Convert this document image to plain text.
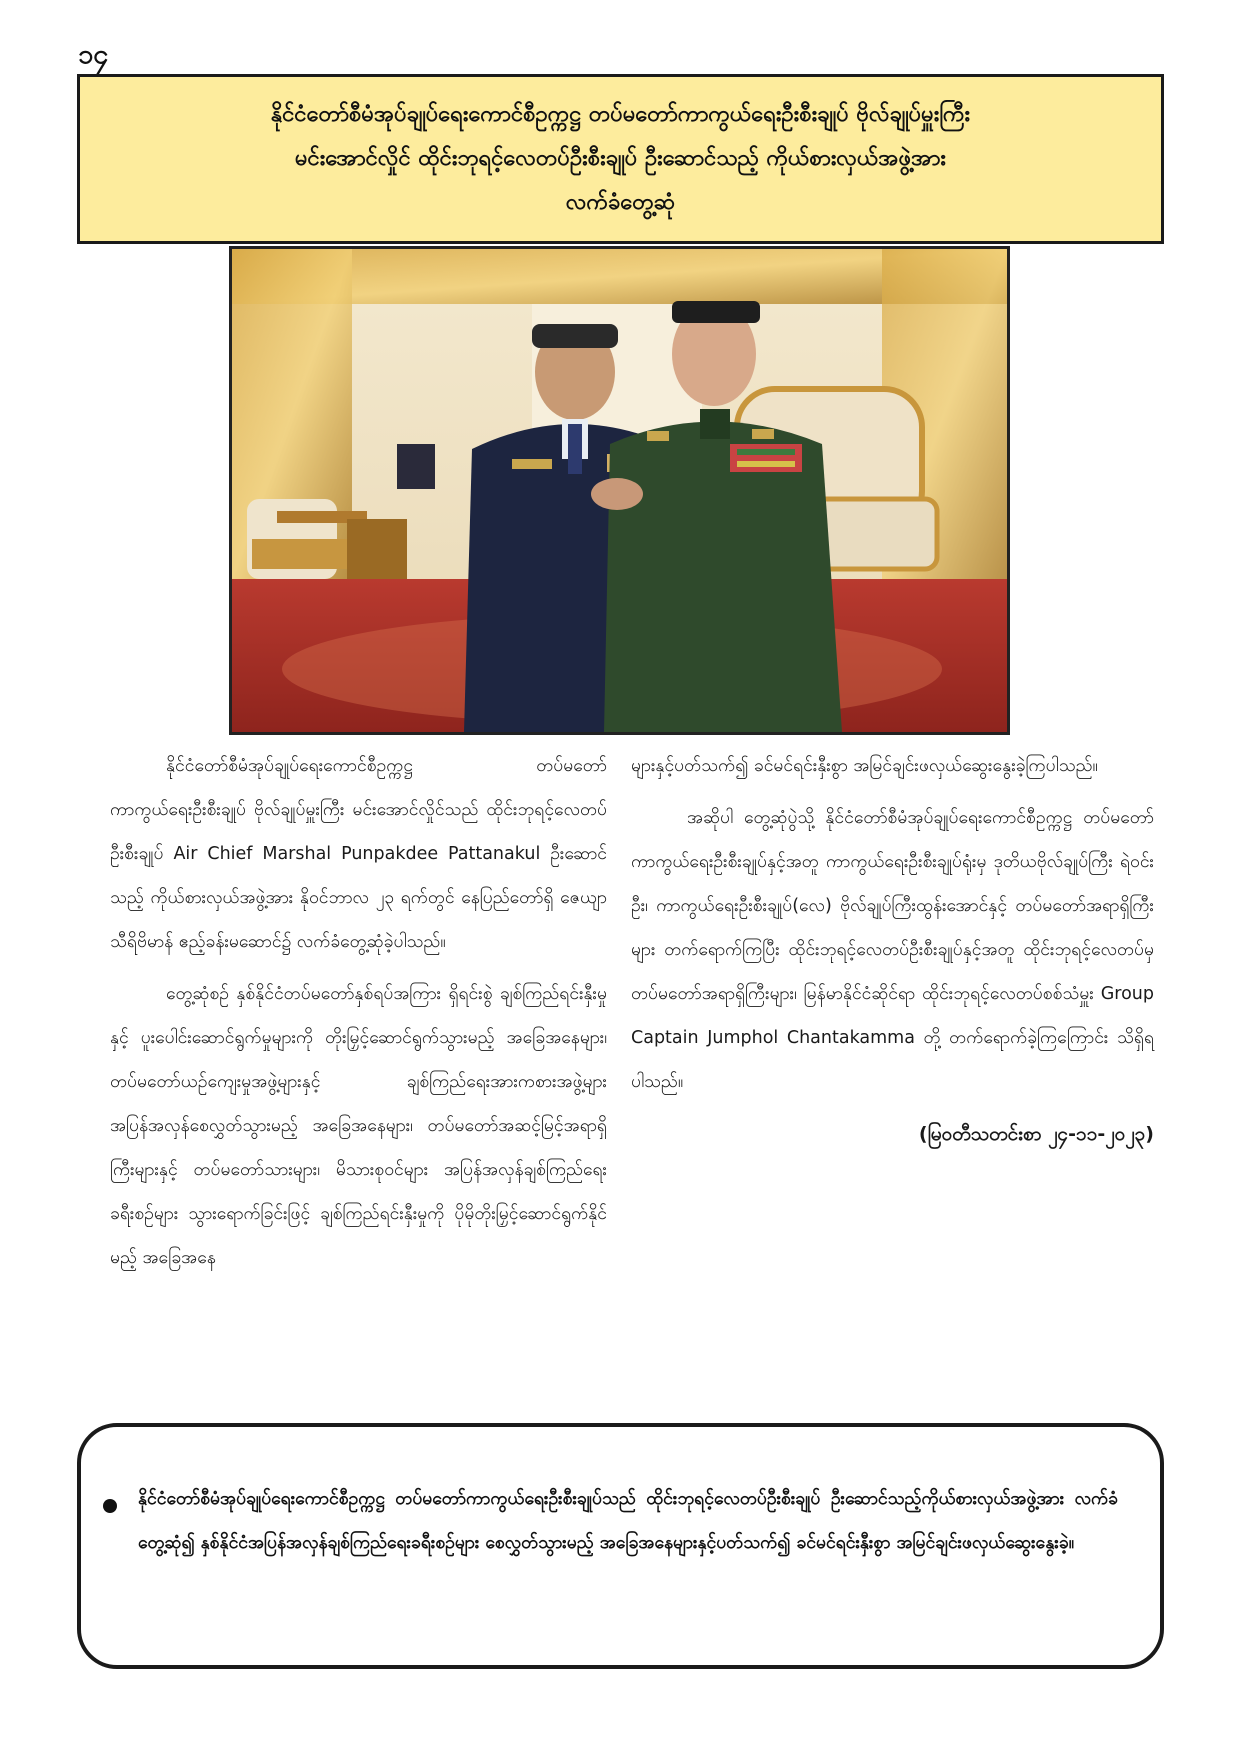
၁၄
နိုင်ငံတော်စီမံအုပ်ချုပ်ရေးကောင်စီဥက္ကဋ္ဌ တပ်မတော်ကာကွယ်ရေးဦးစီးချုပ် ဗိုလ်ချုပ်မှူးကြီး
မင်းအောင်လှိုင် ထိုင်းဘုရင့်လေတပ်ဦးစီးချုပ် ဦးဆောင်သည့် ကိုယ်စားလှယ်အဖွဲ့အား
လက်ခံတွေ့ဆုံ

နိုင်ငံတော်စီမံအုပ်ချုပ်ရေးကောင်စီဥက္ကဋ္ဌ တပ်မတော်ကာကွယ်ရေးဦးစီးချုပ် ဗိုလ်ချုပ်မှူးကြီး မင်းအောင်လှိုင်သည် ထိုင်းဘုရင့်လေတပ်ဦးစီးချုပ် Air Chief Marshal Punpakdee Pattanakul ဦးဆောင်သည့် ကိုယ်စားလှယ်အဖွဲ့အား နိုဝင်ဘာလ ၂၃ ရက်တွင် နေပြည်တော်ရှိ ဇေယျာသီရိဗိမာန် ဧည့်ခန်းမဆောင်၌ လက်ခံတွေ့ဆုံခဲ့ပါသည်။

တွေ့ဆုံစဉ် နှစ်နိုင်ငံတပ်မတော်နှစ်ရပ်အကြား ရှိရင်းစွဲ ချစ်ကြည်ရင်းနှီးမှုနှင့် ပူးပေါင်းဆောင်ရွက်မှုများကို တိုးမြှင့်ဆောင်ရွက်သွားမည့် အခြေအနေများ၊ တပ်မတော်ယဉ်ကျေးမှုအဖွဲ့များနှင့် ချစ်ကြည်ရေးအားကစားအဖွဲ့များ အပြန်အလှန်စေလွှတ်သွားမည့် အခြေအနေများ၊ တပ်မတော်အဆင့်မြင့်အရာရှိကြီးများနှင့် တပ်မတော်သားများ၊ မိသားစုဝင်များ အပြန်အလှန်ချစ်ကြည်ရေးခရီးစဉ်များ သွားရောက်ခြင်းဖြင့် ချစ်ကြည်ရင်းနှီးမှုကို ပိုမိုတိုးမြှင့်ဆောင်ရွက်နိုင်မည့် အခြေအနေ

များနှင့်ပတ်သက်၍ ခင်မင်ရင်းနှီးစွာ အမြင်ချင်းဖလှယ်ဆွေးနွေးခဲ့ကြပါသည်။

အဆိုပါ တွေ့ဆုံပွဲသို့ နိုင်ငံတော်စီမံအုပ်ချုပ်ရေးကောင်စီဥက္ကဋ္ဌ တပ်မတော်ကာကွယ်ရေးဦးစီးချုပ်နှင့်အတူ ကာကွယ်ရေးဦးစီးချုပ်ရုံးမှ ဒုတိယဗိုလ်ချုပ်ကြီး ရဲဝင်းဦး၊ ကာကွယ်ရေးဦးစီးချုပ်(လေ) ဗိုလ်ချုပ်ကြီးထွန်းအောင်နှင့် တပ်မတော်အရာရှိကြီးများ တက်ရောက်ကြပြီး ထိုင်းဘုရင့်လေတပ်ဦးစီးချုပ်နှင့်အတူ ထိုင်းဘုရင့်လေတပ်မှ တပ်မတော်အရာရှိကြီးများ၊ မြန်မာနိုင်ငံဆိုင်ရာ ထိုင်းဘုရင့်လေတပ်စစ်သံမှူး Group Captain Jumphol Chantakamma တို့ တက်ရောက်ခဲ့ကြကြောင်း သိရှိရပါသည်။

(မြဝတီသတင်းစာ ၂၄-၁၁-၂၀၂၃)
နိုင်ငံတော်စီမံအုပ်ချုပ်ရေးကောင်စီဥက္ကဋ္ဌ တပ်မတော်ကာကွယ်ရေးဦးစီးချုပ်သည် ထိုင်းဘုရင့်လေတပ်ဦးစီးချုပ် ဦးဆောင်သည့်ကိုယ်စားလှယ်အဖွဲ့အား လက်ခံတွေ့ဆုံ၍ နှစ်နိုင်ငံအပြန်အလှန်ချစ်ကြည်ရေးခရီးစဉ်များ စေလွှတ်သွားမည့် အခြေအနေများနှင့်ပတ်သက်၍ ခင်မင်ရင်းနှီးစွာ အမြင်ချင်းဖလှယ်ဆွေးနွေးခဲ့။
